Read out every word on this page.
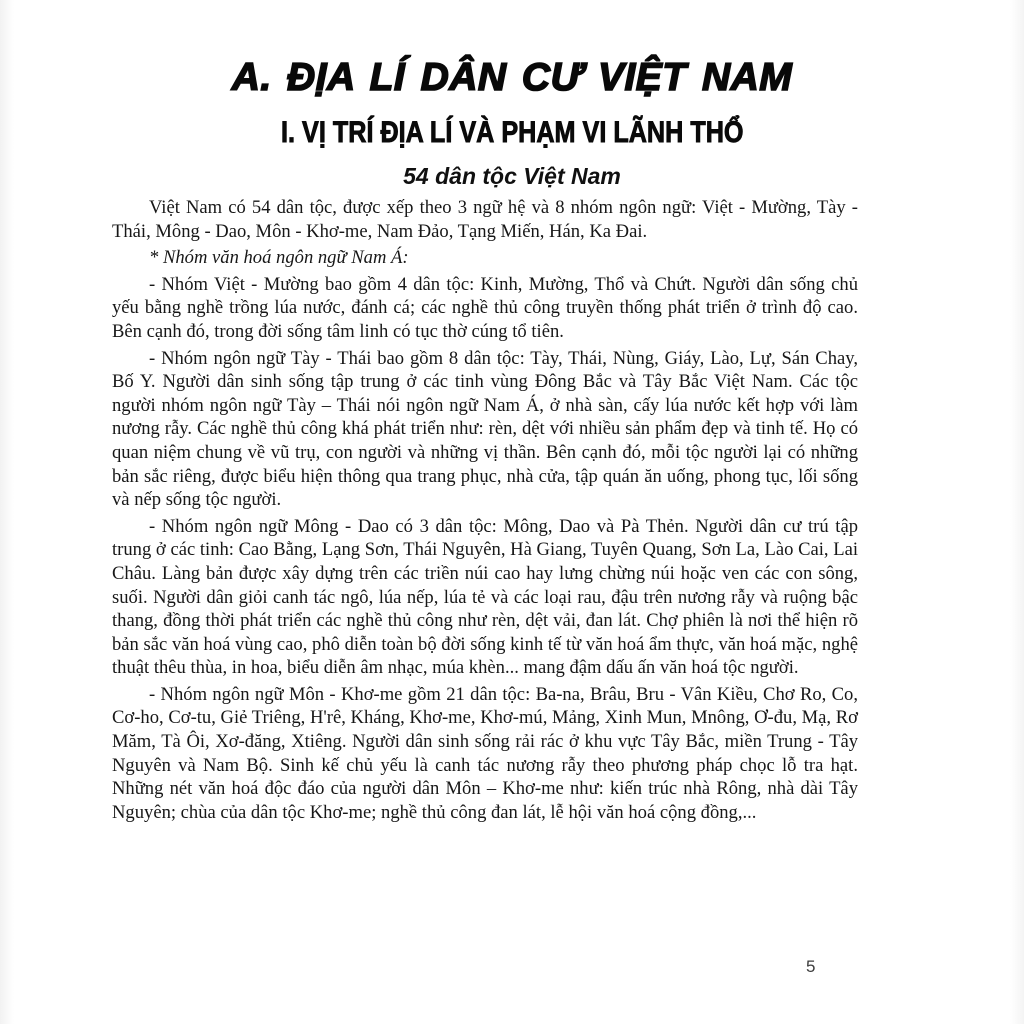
A. ĐỊA LÍ DÂN CƯ VIỆT NAM
I. VỊ TRÍ ĐỊA LÍ VÀ PHẠM VI LÃNH THỔ
54 dân tộc Việt Nam

Việt Nam có 54 dân tộc, được xếp theo 3 ngữ hệ và 8 nhóm ngôn ngữ: Việt - Mường, Tày - Thái, Mông - Dao, Môn - Khơ-me, Nam Đảo, Tạng Miến, Hán, Ka Đai.

* Nhóm văn hoá ngôn ngữ Nam Á:

- Nhóm Việt - Mường bao gồm 4 dân tộc: Kinh, Mường, Thổ và Chứt. Người dân sống chủ yếu bằng nghề trồng lúa nước, đánh cá; các nghề thủ công truyền thống phát triển ở trình độ cao. Bên cạnh đó, trong đời sống tâm linh có tục thờ cúng tổ tiên.

- Nhóm ngôn ngữ Tày - Thái bao gồm 8 dân tộc: Tày, Thái, Nùng, Giáy, Lào, Lự, Sán Chay, Bố Y. Người dân sinh sống tập trung ở các tinh vùng Đông Bắc và Tây Bắc Việt Nam. Các tộc người nhóm ngôn ngữ Tày – Thái nói ngôn ngữ Nam Á, ở nhà sàn, cấy lúa nước kết hợp với làm nương rẫy. Các nghề thủ công khá phát triển như: rèn, dệt với nhiều sản phẩm đẹp và tinh tế. Họ có quan niệm chung về vũ trụ, con người và những vị thần. Bên cạnh đó, mỗi tộc người lại có những bản sắc riêng, được biểu hiện thông qua trang phục, nhà cửa, tập quán ăn uống, phong tục, lối sống và nếp sống tộc người.

- Nhóm ngôn ngữ Mông - Dao có 3 dân tộc: Mông, Dao và Pà Thẻn. Người dân cư trú tập trung ở các tinh: Cao Bằng, Lạng Sơn, Thái Nguyên, Hà Giang, Tuyên Quang, Sơn La, Lào Cai, Lai Châu. Làng bản được xây dựng trên các triền núi cao hay lưng chừng núi hoặc ven các con sông, suối. Người dân giỏi canh tác ngô, lúa nếp, lúa tẻ và các loại rau, đậu trên nương rẫy và ruộng bậc thang, đồng thời phát triển các nghề thủ công như rèn, dệt vải, đan lát. Chợ phiên là nơi thể hiện rõ bản sắc văn hoá vùng cao, phô diễn toàn bộ đời sống kinh tế từ văn hoá ẩm thực, văn hoá mặc, nghệ thuật thêu thùa, in hoa, biểu diễn âm nhạc, múa khèn... mang đậm dấu ấn văn hoá tộc người.

- Nhóm ngôn ngữ Môn - Khơ-me gồm 21 dân tộc: Ba-na, Brâu, Bru - Vân Kiều, Chơ Ro, Co, Cơ-ho, Cơ-tu, Giẻ Triêng, H'rê, Kháng, Khơ-me, Khơ-mú, Mảng, Xinh Mun, Mnông, Ơ-đu, Mạ, Rơ Măm, Tà Ôi, Xơ-đăng, Xtiêng. Người dân sinh sống rải rác ở khu vực Tây Bắc, miền Trung - Tây Nguyên và Nam Bộ. Sinh kế chủ yếu là canh tác nương rẫy theo phương pháp chọc lỗ tra hạt. Những nét văn hoá độc đáo của người dân Môn – Khơ-me như: kiến trúc nhà Rông, nhà dài Tây Nguyên; chùa của dân tộc Khơ-me; nghề thủ công đan lát, lễ hội văn hoá cộng đồng,...

5
